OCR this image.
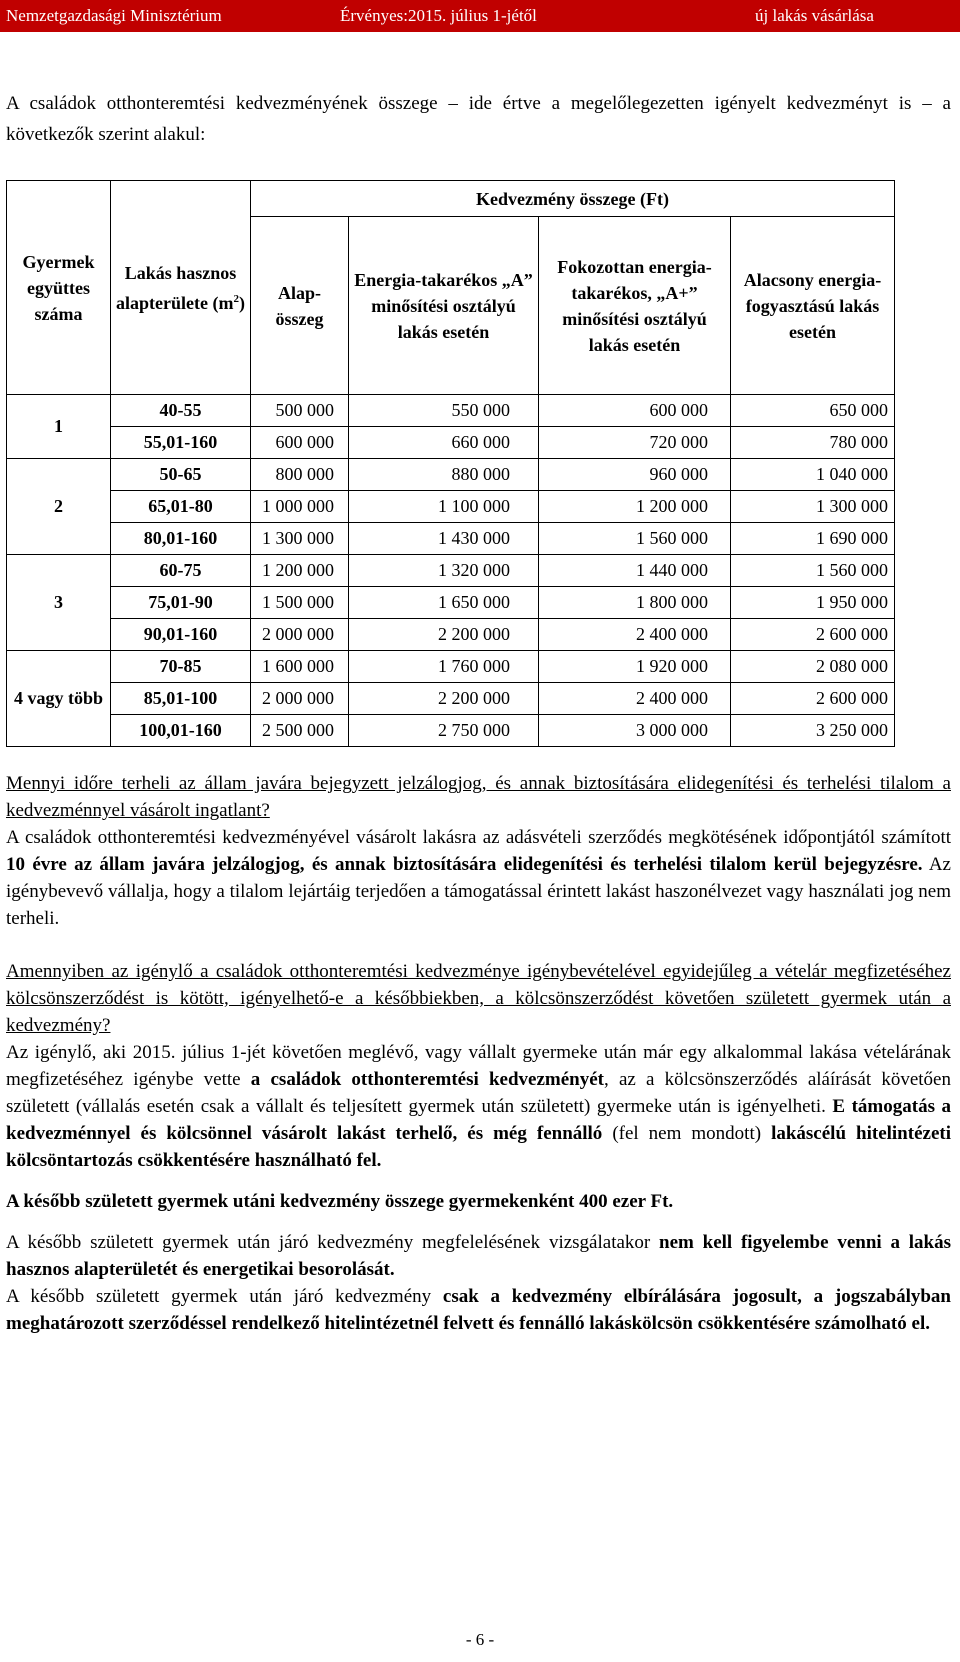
Nemzetgazdasági Minisztérium	Érvényes:2015. július 1-jétől	új lakás vásárlása
A családok otthonteremtési kedvezményének összege – ide értve a megelőlegezetten igényelt kedvezményt is – a következők szerint alakul:
Gyermek együttes száma	Lakás hasznos alapterülete $(m^2)$	Kedvezmény összege (Ft)			
		Alap-összeg	Energia-takarékos „A” minősítési osztályú lakás esetén	Fokozottan energia-takarékos, „A+” minősítési osztályú lakás esetén	Alacsony energia-fogyasztású lakás esetén
1	40-55	500 000	550 000	600 000	650 000
	55,01-160	600 000	660 000	720 000	780 000
2	50-65	800 000	880 000	960 000	1 040 000
	65,01-80	1 000 000	1 100 000	1 200 000	1 300 000
	80,01-160	1 300 000	1 430 000	1 560 000	1 690 000
3	60-75	1 200 000	1 320 000	1 440 000	1 560 000
	75,01-90	1 500 000	1 650 000	1 800 000	1 950 000
	90,01-160	2 000 000	2 200 000	2 400 000	2 600 000
4 vagy több	70-85	1 600 000	1 760 000	1 920 000	2 080 000
	85,01-100	2 000 000	2 200 000	2 400 000	2 600 000
	100,01-160	2 500 000	2 750 000	3 000 000	3 250 000

Mennyi időre terheli az állam javára bejegyzett jelzálogjog, és annak biztosítására elidegenítési és terhelési tilalom a kedvezménnyel vásárolt ingatlant?

A családok otthonteremtési kedvezményével vásárolt lakásra az adásvételi szerződés megkötésének időpontjától számított 10 évre az állam javára jelzálogjog, és annak biztosítására elidegenítési és terhelési tilalom kerül bejegyzésre. Az igénybevevő vállalja, hogy a tilalom lejártáig terjedően a támogatással érintett lakást haszonélvezet vagy használati jog nem terheli.

Amennyiben az igénylő a családok otthonteremtési kedvezménye igénybevételével egyidejűleg a vételár megfizetéséhez kölcsönszerződést is kötött, igényelhető-e a későbbiekben, a kölcsönszerződést követően született gyermek után a kedvezmény?

Az igénylő, aki 2015. július 1-jét követően meglévő, vagy vállalt gyermeke után már egy alkalommal lakása vételárának megfizetéséhez igénybe vette a családok otthonteremtési kedvezményét, az a kölcsönszerződés aláírását követően született (vállalás esetén csak a vállalt és teljesített gyermek után született) gyermeke után is igényelheti. E támogatás a kedvezménnyel és kölcsönnel vásárolt lakást terhelő, és még fennálló (fel nem mondott) lakáscélú hitelintézeti kölcsöntartozás csökkentésére használható fel.

A később született gyermek utáni kedvezmény összege gyermekenként 400 ezer Ft.

A később született gyermek után járó kedvezmény megfelelésének vizsgálatakor nem kell figyelembe venni a lakás hasznos alapterületét és energetikai besorolását.

A később született gyermek után járó kedvezmény csak a kedvezmény elbírálására jogosult, a jogszabályban meghatározott szerződéssel rendelkező hitelintézetnél felvett és fennálló lakáskölcsön csökkentésére számolható el.

- 6 -
